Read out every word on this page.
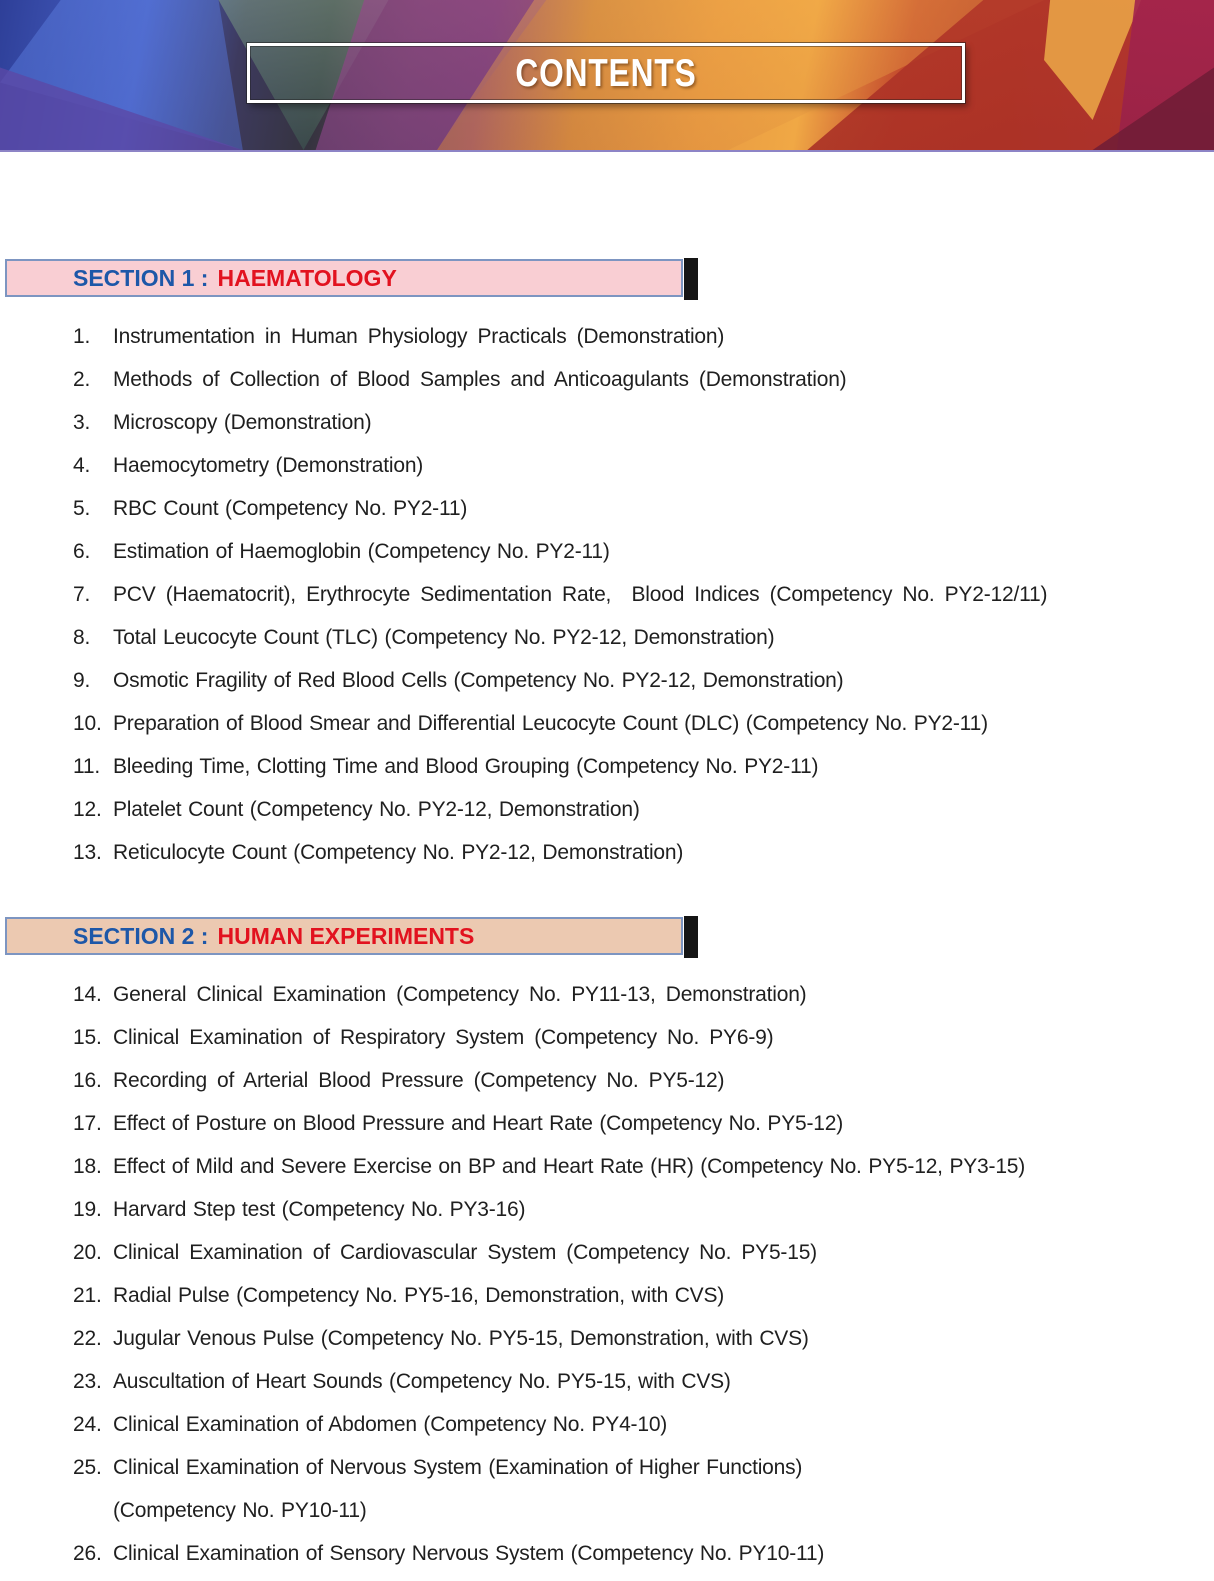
CONTENTS
SECTION 1 : HAEMATOLOGY
1.	Instrumentation in Human Physiology Practicals (Demonstration)
2.	Methods of Collection of Blood Samples and Anticoagulants (Demonstration)
3.	Microscopy (Demonstration)
4.	Haemocytometry (Demonstration)
5.	RBC Count (Competency No. PY2-11)
6.	Estimation of Haemoglobin (Competency No. PY2-11)
7.	PCV (Haematocrit), Erythrocyte Sedimentation Rate,  Blood Indices (Competency No. PY2-12/11)
8.	Total Leucocyte Count (TLC) (Competency No. PY2-12, Demonstration)
9.	Osmotic Fragility of Red Blood Cells (Competency No. PY2-12, Demonstration)
10. Preparation of Blood Smear and Differential Leucocyte Count (DLC) (Competency No. PY2-11)
11. Bleeding Time, Clotting Time and Blood Grouping (Competency No. PY2-11)
12. Platelet Count (Competency No. PY2-12, Demonstration)
13. Reticulocyte Count (Competency No. PY2-12, Demonstration)
SECTION 2 : HUMAN EXPERIMENTS
14. General Clinical Examination (Competency No. PY11-13, Demonstration)
15. Clinical Examination of Respiratory System (Competency No. PY6-9)
16. Recording of Arterial Blood Pressure (Competency No. PY5-12)
17. Effect of Posture on Blood Pressure and Heart Rate (Competency No. PY5-12)
18. Effect of Mild and Severe Exercise on BP and Heart Rate (HR) (Competency No. PY5-12, PY3-15)
19. Harvard Step test (Competency No. PY3-16)
20. Clinical Examination of Cardiovascular System (Competency No. PY5-15)
21. Radial Pulse (Competency No. PY5-16, Demonstration, with CVS)
22. Jugular Venous Pulse (Competency No. PY5-15, Demonstration, with CVS)
23. Auscultation of Heart Sounds (Competency No. PY5-15, with CVS)
24. Clinical Examination of Abdomen (Competency No. PY4-10)
25. Clinical Examination of Nervous System (Examination of Higher Functions)
(Competency No. PY10-11)
26. Clinical Examination of Sensory Nervous System (Competency No. PY10-11)
